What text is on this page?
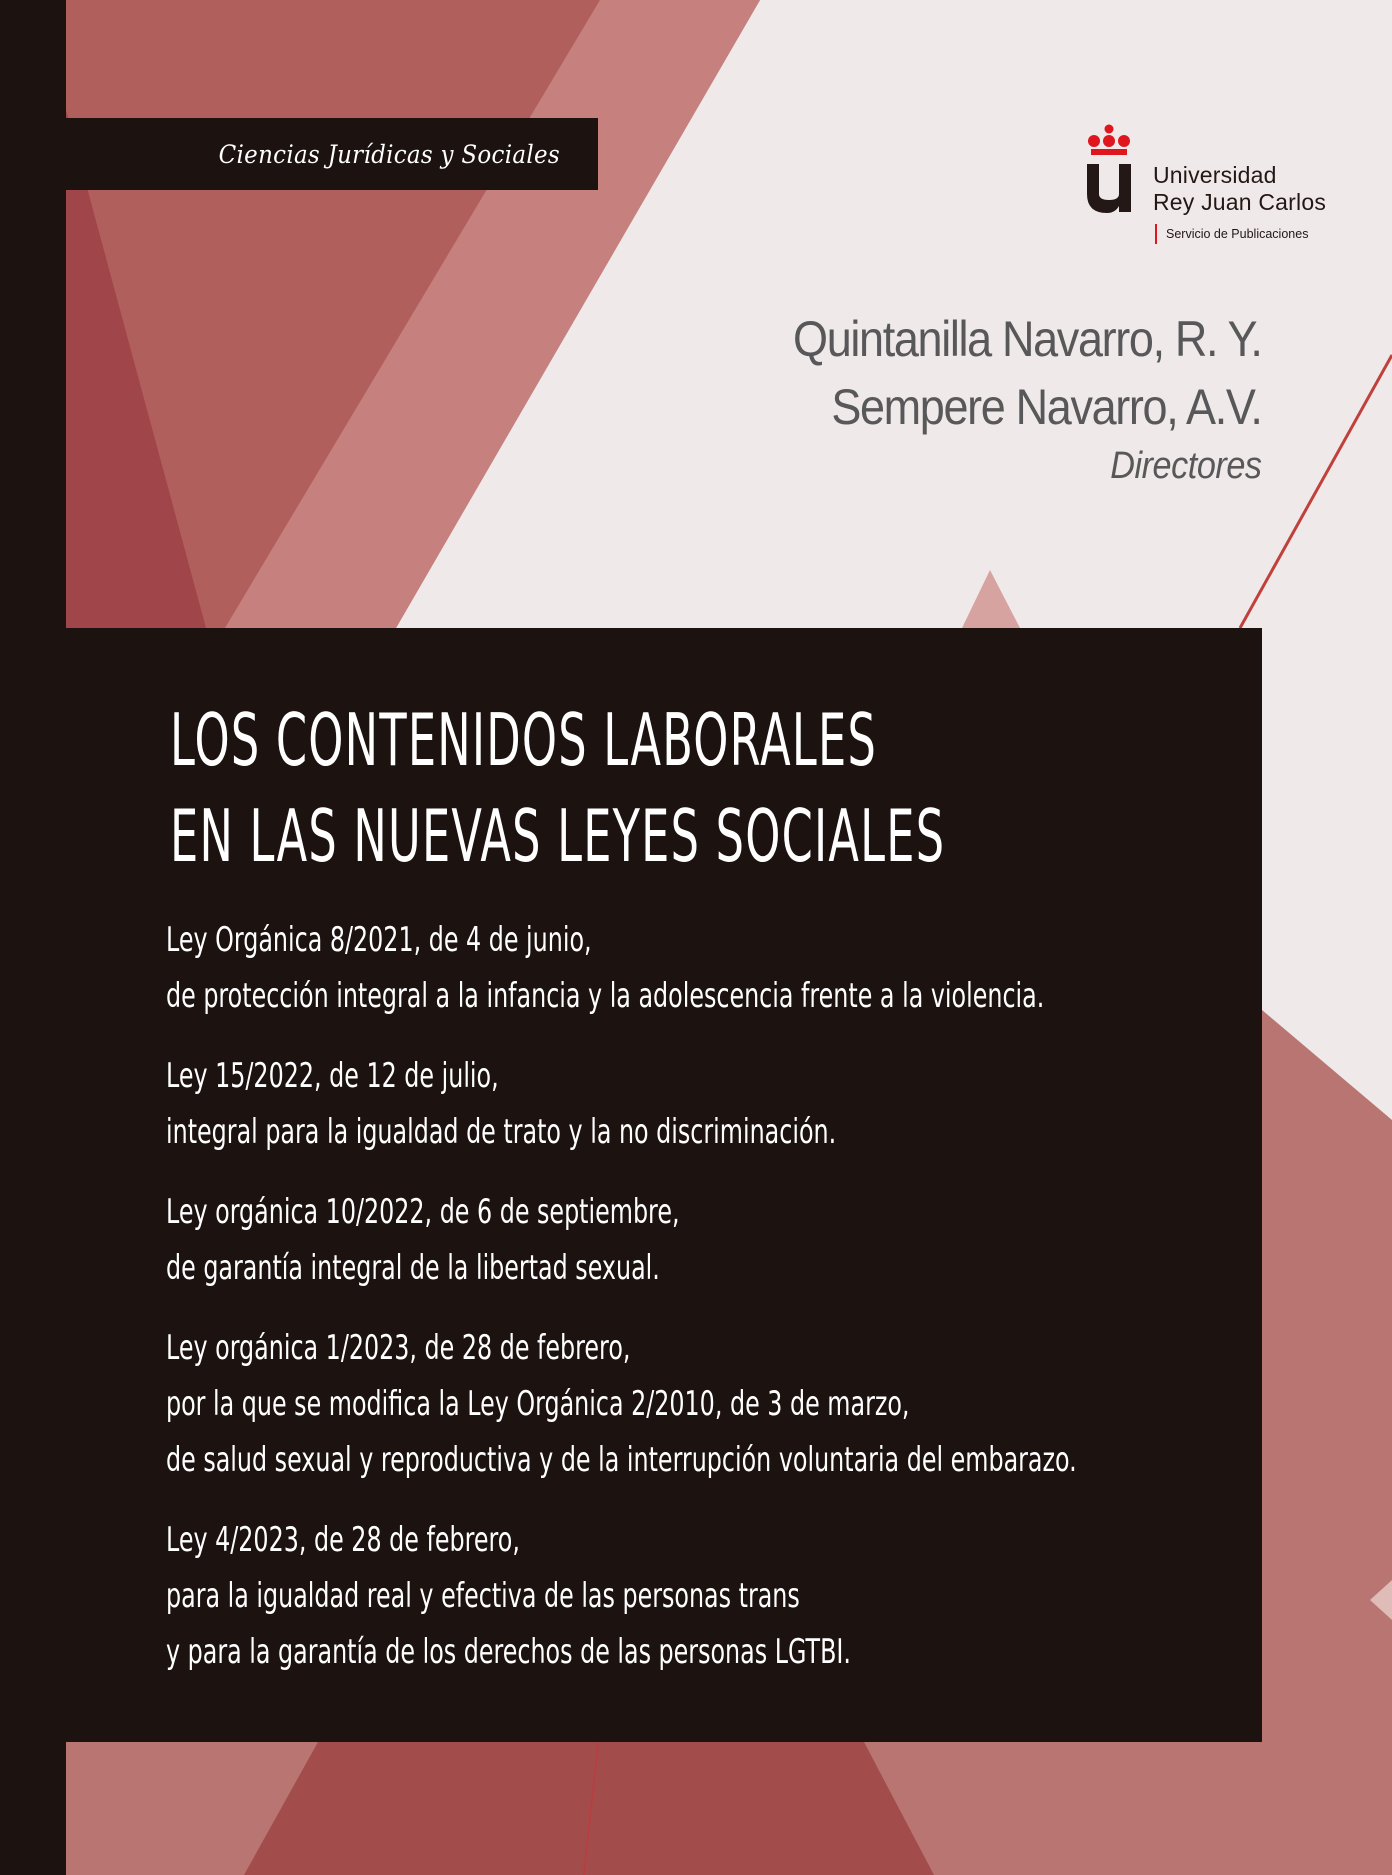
Ciencias Jurídicas y Sociales
Universidad
Rey Juan Carlos
Servicio de Publicaciones
Quintanilla Navarro, R. Y.
Sempere Navarro, A.V.
Directores
LOS CONTENIDOS LABORALES
EN LAS NUEVAS LEYES SOCIALES
Ley Orgánica 8/2021, de 4 de junio,
de protección integral a la infancia y la adolescencia frente a la violencia.
Ley 15/2022, de 12 de julio,
integral para la igualdad de trato y la no discriminación.
Ley orgánica 10/2022, de 6 de septiembre,
de garantía integral de la libertad sexual.
Ley orgánica 1/2023, de 28 de febrero,
por la que se modifica la Ley Orgánica 2/2010, de 3 de marzo,
de salud sexual y reproductiva y de la interrupción voluntaria del embarazo.
Ley 4/2023, de 28 de febrero,
para la igualdad real y efectiva de las personas trans
y para la garantía de los derechos de las personas LGTBI.
